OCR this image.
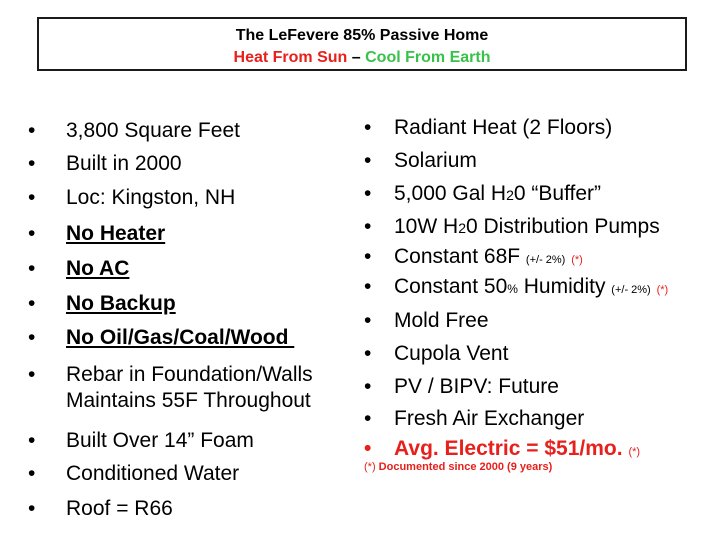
The LeFevere 85% Passive Home
Heat From Sun – Cool From Earth
•	3,800 Square Feet
•	Built in 2000
•	Loc: Kingston, NH
•	No Heater
•	No AC
•	No Backup
•	No Oil/Gas/Coal/Wood
•	Rebar in Foundation/Walls
Maintains 55F Throughout
•	Built Over 14” Foam
•	Conditioned Water
•	Roof = R66
•	Radiant Heat (2 Floors)
•	Solarium
•	5,000 Gal H20 “Buffer”
•	10W H20 Distribution Pumps
•	Constant 68F (+/- 2%) (*)
•	Constant 50% Humidity (+/- 2%) (*)
•	Mold Free
•	Cupola Vent
•	PV / BIPV: Future
•	Fresh Air Exchanger
•	Avg. Electric = $51/mo. (*)
(*) Documented since 2000 (9 years)
